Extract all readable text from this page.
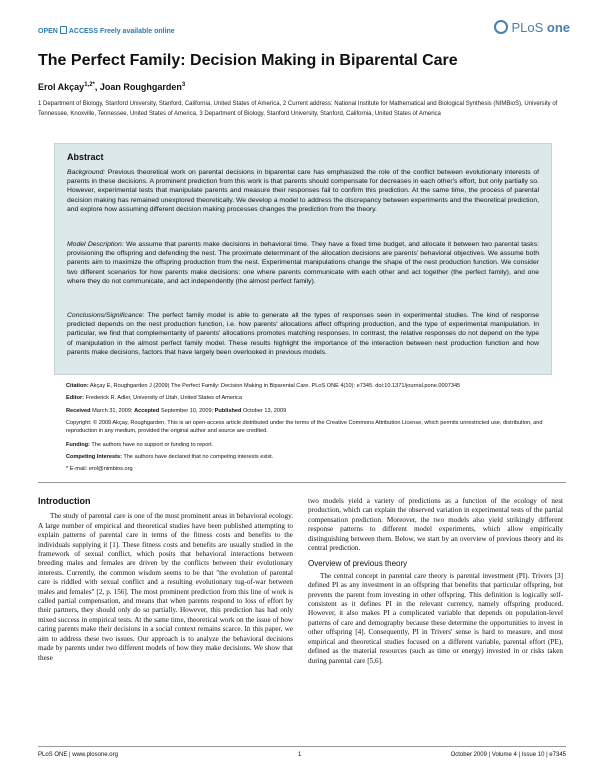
OPEN ACCESS Freely available online	PLoS one
The Perfect Family: Decision Making in Biparental Care
Erol Akçay$^{1,2*}$, Joan Roughgarden$^3$
1 Department of Biology, Stanford University, Stanford, California, United States of America, 2 Current address: National Institute for Mathematical and Biological Synthesis (NIMBioS), University of Tennessee, Knoxville, Tennessee, United States of America, 3 Department of Biology, Stanford University, Stanford, California, United States of America
Abstract
Background: Previous theoretical work on parental decisions in biparental care has emphasized the role of the conflict between evolutionary interests of parents in these decisions. A prominent prediction from this work is that parents should compensate for decreases in each other's effort, but only partially so. However, experimental tests that manipulate parents and measure their responses fail to confirm this prediction. At the same time, the process of parental decision making has remained unexplored theoretically. We develop a model to address the discrepancy between experiments and the theoretical prediction, and explore how assuming different decision making processes changes the prediction from the theory.
Model Description: We assume that parents make decisions in behavioral time. They have a fixed time budget, and allocate it between two parental tasks: provisioning the offspring and defending the nest. The proximate determinant of the allocation decisions are parents' behavioral objectives. We assume both parents aim to maximize the offspring production from the nest. Experimental manipulations change the shape of the nest production function. We consider two different scenarios for how parents make decisions: one where parents communicate with each other and act together (the perfect family), and one where they do not communicate, and act independently (the almost perfect family).
Conclusions/Significance: The perfect family model is able to generate all the types of responses seen in experimental studies. The kind of response predicted depends on the nest production function, i.e. how parents' allocations affect offspring production, and the type of experimental manipulation. In particular, we find that complementarity of parents' allocations promotes matching responses. In contrast, the relative responses do not depend on the type of manipulation in the almost perfect family model. These results highlight the importance of the interaction between nest production function and how parents make decisions, factors that have largely been overlooked in previous models.
Citation: Akçay E, Roughgarden J (2009) The Perfect Family: Decision Making in Biparental Care. PLoS ONE 4(10): e7345. doi:10.1371/journal.pone.0007345
Editor: Frederick R. Adler, University of Utah, United States of America
Received March 31, 2009; Accepted September 10, 2009; Published October 13, 2009
Copyright: © 2009 Akçay, Roughgarden. This is an open-access article distributed under the terms of the Creative Commons Attribution License, which permits unrestricted use, distribution, and reproduction in any medium, provided the original author and source are credited.
Funding: The authors have no support or funding to report.
Competing Interests: The authors have declared that no competing interests exist.
* E-mail: erol@nimbios.org
Introduction

The study of parental care is one of the most prominent areas in behavioral ecology. A large number of empirical and theoretical studies have been published attempting to explain patterns of parental care in terms of the fitness costs and benefits to the individuals supplying it [1]. These fitness costs and benefits are usually studied in the framework of sexual conflict, which posits that behavioral interactions between breeding males and females are driven by the conflicts between their evolutionary interests. Currently, the common wisdom seems to be that "the evolution of parental care is riddled with sexual conflict and a resulting evolutionary tug-of-war between males and females" [2, p. 156]. The most prominent prediction from this line of work is called partial compensation, and means that when parents respond to loss of effort by their partners, they should only do so partially. However, this prediction has had only mixed success in empirical tests. At the same time, theoretical work on the issue of how caring parents make their decisions in a social context remains scarce. In this paper, we aim to address these two issues. Our approach is to analyze the behavioral decisions made by parents under two different models of how they make decisions. We show that these

two models yield a variety of predictions as a function of the ecology of nest production, which can explain the observed variation in experimental tests of the partial compensation prediction. Moreover, the two models also yield strikingly different response patterns to different model experiments, which allow empirically distinguishing between them. Below, we start by an overview of previous theory and its central prediction.

Overview of previous theory

The central concept in parental care theory is parental investment (PI). Trivers [3] defined PI as any investment in an offspring that benefits that particular offspring, but prevents the parent from investing in other offspring. This definition is logically self-consistent as it defines PI in the relevant currency, namely offspring produced. However, it also makes PI a complicated variable that depends on population-level patterns of care and demography because these determine the opportunities to invest in other offspring [4]. Consequently, PI in Trivers' sense is hard to measure, and most empirical and theoretical studies focused on a different variable, parental effort (PE), defined as the material resources (such as time or energy) invested in or risks taken during parental care [5,6].

PLoS ONE | www.plosone.org	1	October 2009 | Volume 4 | Issue 10 | e7345
